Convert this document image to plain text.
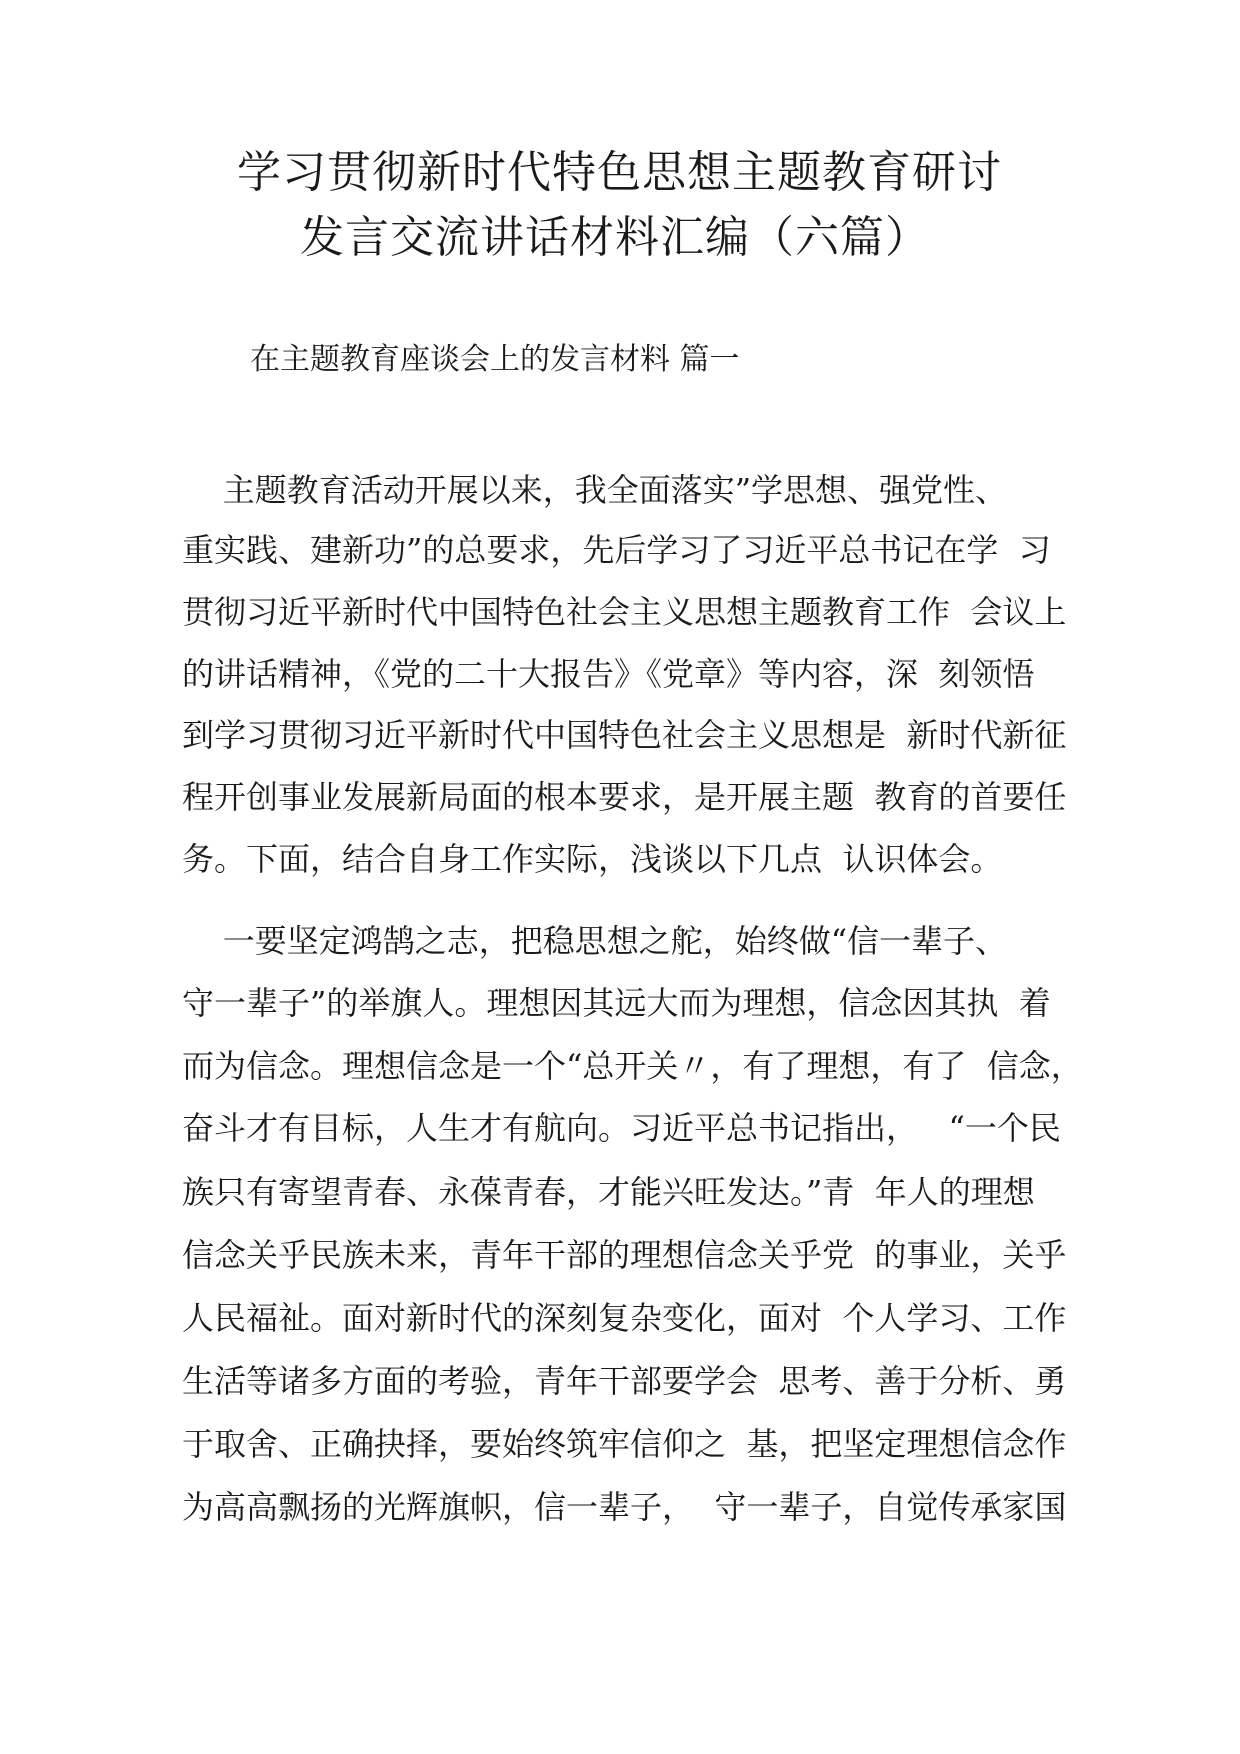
学习贯彻新时代特色思想主题教育研讨
发言交流讲话材料汇编（六篇）
在主题教育座谈会上的发言材料 篇一
主题教育活动开展以来，我全面落实”学思想、强党性、
重实践、建新功”的总要求，先后学习了习近平总书记在学  习
贯彻习近平新时代中国特色社会主义思想主题教育工作  会议上
的讲话精神，《党的二十大报告》《党章》等内容，深  刻领悟
到学习贯彻习近平新时代中国特色社会主义思想是  新时代新征
程开创事业发展新局面的根本要求，是开展主题  教育的首要任
务。下面，结合自身工作实际，浅谈以下几点  认识体会。
一要坚定鸿鹄之志，把稳思想之舵，始终做“信一辈子、
守一辈子”的举旗人。理想因其远大而为理想，信念因其执  着
而为信念。理想信念是一个“总开关〃，有了理想，有了  信念，
奋斗才有目标，人生才有航向。习近平总书记指出，   “一个民
族只有寄望青春、永葆青春，才能兴旺发达。”青  年人的理想
信念关乎民族未来，青年干部的理想信念关乎党  的事业，关乎
人民福祉。面对新时代的深刻复杂变化，面对  个人学习、工作
生活等诸多方面的考验，青年干部要学会  思考、善于分析、勇
于取舍、正确抉择，要始终筑牢信仰之  基，把坚定理想信念作
为高高飘扬的光辉旗帜，信一辈子，  守一辈子，自觉传承家国
